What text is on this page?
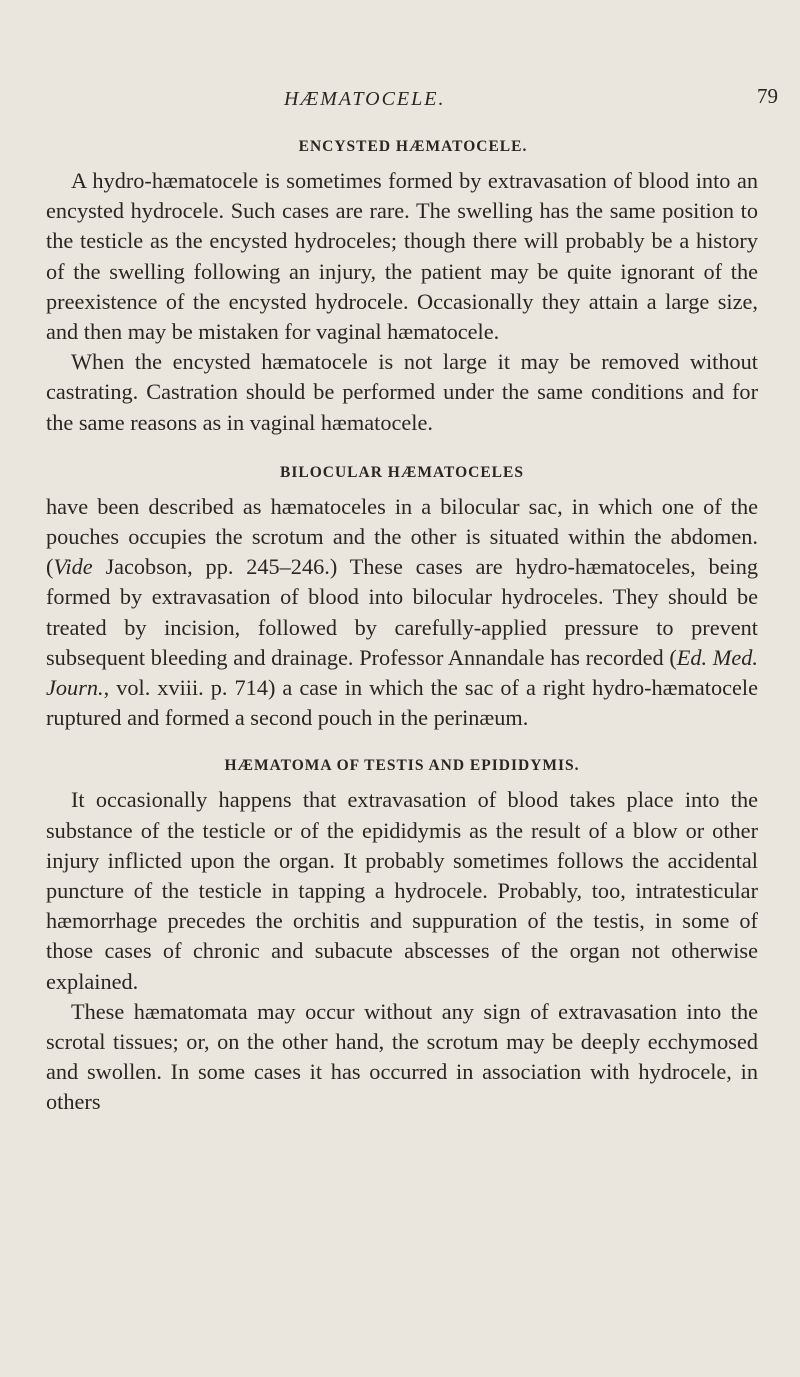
HÆMATOCELE.	79
ENCYSTED HÆMATOCELE.

A hydro-hæmatocele is sometimes formed by extravasation of blood into an encysted hydrocele. Such cases are rare. The swelling has the same position to the testicle as the encysted hydroceles; though there will probably be a history of the swelling following an injury, the patient may be quite ignorant of the preexistence of the encysted hydrocele. Occasionally they attain a large size, and then may be mistaken for vaginal hæmatocele.

When the encysted hæmatocele is not large it may be removed without castrating. Castration should be performed under the same conditions and for the same reasons as in vaginal hæmatocele.

BILOCULAR HÆMATOCELES

have been described as hæmatoceles in a bilocular sac, in which one of the pouches occupies the scrotum and the other is situated within the abdomen. (Vide Jacobson, pp. 245–246.) These cases are hydro-hæmatoceles, being formed by extravasation of blood into bilocular hydroceles. They should be treated by incision, followed by carefully-applied pressure to prevent subsequent bleeding and drainage. Professor Annandale has recorded (Ed. Med. Journ., vol. xviii. p. 714) a case in which the sac of a right hydro-hæmatocele ruptured and formed a second pouch in the perinæum.

HÆMATOMA OF TESTIS AND EPIDIDYMIS.

It occasionally happens that extravasation of blood takes place into the substance of the testicle or of the epididymis as the result of a blow or other injury inflicted upon the organ. It probably sometimes follows the accidental puncture of the testicle in tapping a hydrocele. Probably, too, intratesticular hæmorrhage precedes the orchitis and suppuration of the testis, in some of those cases of chronic and subacute abscesses of the organ not otherwise explained.

These hæmatomata may occur without any sign of extravasation into the scrotal tissues; or, on the other hand, the scrotum may be deeply ecchymosed and swollen. In some cases it has occurred in association with hydrocele, in others
